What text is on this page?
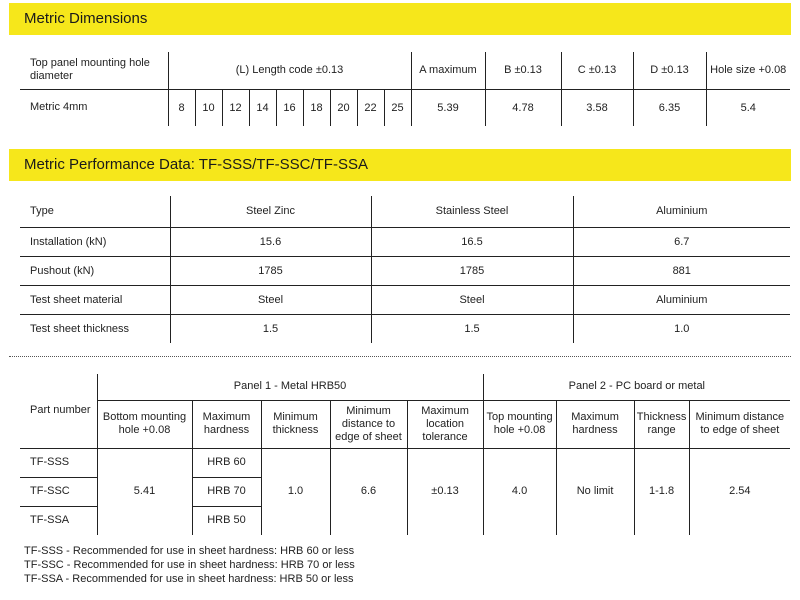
Metric Dimensions
Top panel mounting hole diameter	(L) Length code ±0.13									A maximum	B ±0.13	C ±0.13	D ±0.13	Hole size +0.08
Metric 4mm	8	10	12	14	16	18	20	22	25	5.39	4.78	3.58	6.35	5.4
Metric Performance Data: TF-SSS/TF-SSC/TF-SSA
Type	Steel Zinc	Stainless Steel	Aluminium
Installation (kN)	15.6	16.5	6.7
Pushout (kN)	1785	1785	881
Test sheet material	Steel	Steel	Aluminium
Test sheet thickness	1.5	1.5	1.0
Part number	Panel 1 - Metal HRB50					Panel 2 - PC board or metal			
	Bottom mounting hole +0.08	Maximum hardness	Minimum thickness	Minimum distance to edge of sheet	Maximum location tolerance	Top mounting hole +0.08	Maximum hardness	Thickness range	Minimum distance to edge of sheet
TF-SSS	5.41	HRB 60	1.0	6.6	±0.13	4.0	No limit	1-1.8	2.54
TF-SSC		HRB 70							
TF-SSA		HRB 50							
TF-SSS - Recommended for use in sheet hardness: HRB 60 or less
TF-SSC - Recommended for use in sheet hardness: HRB 70 or less
TF-SSA - Recommended for use in sheet hardness: HRB 50 or less
